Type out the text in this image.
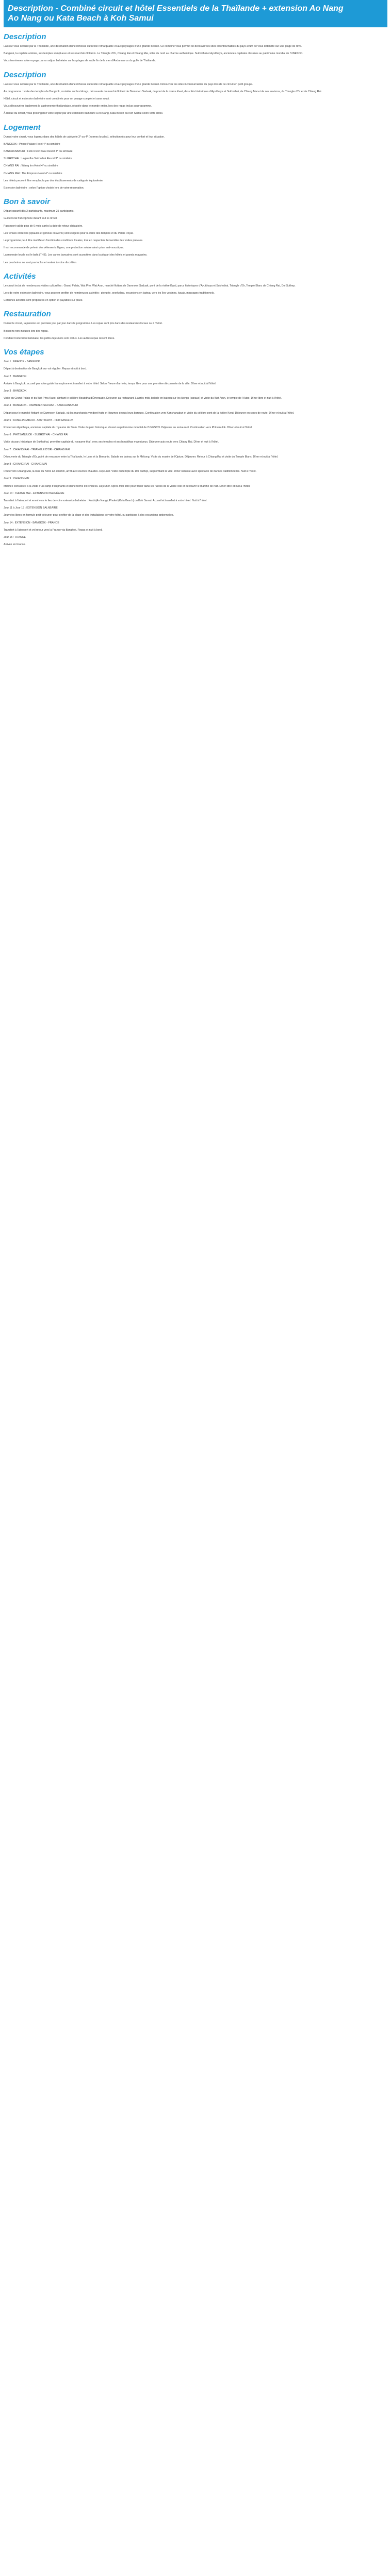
Description - Combiné circuit et hôtel Essentiels de la Thaïlande + extension Ao Nang
Ao Nang ou Kata Beach à Koh Samui
Description

Laissez-vous séduire par la Thaïlande, une destination d'une richesse culturelle remarquable et aux paysages d'une grande beauté. Ce combiné vous permet de découvrir les sites incontournables du pays avant de vous détendre sur une plage de rêve.

Bangkok, la capitale animée, ses temples somptueux et ses marchés flottants. Le Triangle d'Or, Chiang Rai et Chiang Mai, villes du nord au charme authentique. Sukhothai et Ayutthaya, anciennes capitales classées au patrimoine mondial de l'UNESCO.

Vous terminerez votre voyage par un séjour balnéaire sur les plages de sable fin de la mer d'Andaman ou du golfe de Thaïlande.

Description

Laissez-vous séduire par la Thaïlande, une destination d'une richesse culturelle remarquable et aux paysages d'une grande beauté. Découvrez les sites incontournables du pays lors de ce circuit en petit groupe.

Au programme : visite des temples de Bangkok, croisière sur les klongs, découverte du marché flottant de Damnoen Saduak, du pont de la rivière Kwaï, des cités historiques d'Ayutthaya et Sukhothai, de Chiang Mai et de ses environs, du Triangle d'Or et de Chiang Rai.

Hôtel, circuit et extension balnéaire sont combinés pour un voyage complet et sans souci.

Vous découvrirez également la gastronomie thaïlandaise, réputée dans le monde entier, lors des repas inclus au programme.

À l'issue du circuit, vous prolongerez votre séjour par une extension balnéaire à Ao Nang, Kata Beach ou Koh Samui selon votre choix.

Logement

Durant votre circuit, vous logerez dans des hôtels de catégorie 3* ou 4* (normes locales), sélectionnés pour leur confort et leur situation.

BANGKOK : Prince Palace Hotel 4* ou similaire

KANCHANABURI : Felix River Kwai Resort 4* ou similaire

SUKHOTHAI : Legendha Sukhothai Resort 3* ou similaire

CHIANG RAI : Wiang Inn Hotel 4* ou similaire

CHIANG MAI : The Empress Hotel 4* ou similaire

Les hôtels peuvent être remplacés par des établissements de catégorie équivalente.

Extension balnéaire : selon l'option choisie lors de votre réservation.

Bon à savoir

Départ garanti dès 2 participants, maximum 25 participants.

Guide local francophone durant tout le circuit.

Passeport valide plus de 6 mois après la date de retour obligatoire.

Les tenues correctes (épaules et genoux couverts) sont exigées pour la visite des temples et du Palais Royal.

Le programme peut être modifié en fonction des conditions locales, tout en respectant l'ensemble des visites prévues.

Il est recommandé de prévoir des vêtements légers, une protection solaire ainsi qu'un anti-moustique.

La monnaie locale est le baht (THB). Les cartes bancaires sont acceptées dans la plupart des hôtels et grands magasins.

Les pourboires ne sont pas inclus et restent à votre discrétion.

Activités

Le circuit inclut de nombreuses visites culturelles : Grand Palais, Wat Pho, Wat Arun, marché flottant de Damnoen Saduak, pont de la rivière Kwaï, parcs historiques d'Ayutthaya et Sukhothai, Triangle d'Or, Temple Blanc de Chiang Rai, Doi Suthep.

Lors de votre extension balnéaire, vous pourrez profiter de nombreuses activités : plongée, snorkeling, excursions en bateau vers les îles voisines, kayak, massages traditionnels.

Certaines activités sont proposées en option et payables sur place.

Restauration

Durant le circuit, la pension est précisée jour par jour dans le programme. Les repas sont pris dans des restaurants locaux ou à l'hôtel.

Boissons non incluses lors des repas.

Pendant l'extension balnéaire, les petits-déjeuners sont inclus. Les autres repas restent libres.

Vos étapes

Jour 1 : FRANCE - BANGKOK

Départ à destination de Bangkok sur vol régulier. Repas et nuit à bord.

Jour 2 : BANGKOK

Arrivée à Bangkok, accueil par votre guide francophone et transfert à votre hôtel. Selon l'heure d'arrivée, temps libre pour une première découverte de la ville. Dîner et nuit à l'hôtel.

Jour 3 : BANGKOK

Visite du Grand Palais et du Wat Phra Kaeo, abritant le célèbre Bouddha d'Émeraude. Déjeuner au restaurant. L'après-midi, balade en bateau sur les klongs (canaux) et visite du Wat Arun, le temple de l'Aube. Dîner libre et nuit à l'hôtel.

Jour 4 : BANGKOK - DAMNOEN SADUAK - KANCHANABURI

Départ pour le marché flottant de Damnoen Saduak, où les marchands vendent fruits et légumes depuis leurs barques. Continuation vers Kanchanaburi et visite du célèbre pont de la rivière Kwaï. Déjeuner en cours de route. Dîner et nuit à l'hôtel.

Jour 5 : KANCHANABURI - AYUTTHAYA - PHITSANULOK

Route vers Ayutthaya, ancienne capitale du royaume de Siam. Visite du parc historique, classé au patrimoine mondial de l'UNESCO. Déjeuner au restaurant. Continuation vers Phitsanulok. Dîner et nuit à l'hôtel.

Jour 6 : PHITSANULOK - SUKHOTHAI - CHIANG RAI

Visite du parc historique de Sukhothai, première capitale du royaume thaï, avec ses temples et ses bouddhas majestueux. Déjeuner puis route vers Chiang Rai. Dîner et nuit à l'hôtel.

Jour 7 : CHIANG RAI - TRIANGLE D'OR - CHIANG RAI

Découverte du Triangle d'Or, point de rencontre entre la Thaïlande, le Laos et la Birmanie. Balade en bateau sur le Mékong. Visite du musée de l'Opium. Déjeuner. Retour à Chiang Rai et visite du Temple Blanc. Dîner et nuit à l'hôtel.

Jour 8 : CHIANG RAI - CHIANG MAI

Route vers Chiang Mai, la rose du Nord. En chemin, arrêt aux sources chaudes. Déjeuner. Visite du temple du Doi Suthep, surplombant la ville. Dîner kantoke avec spectacle de danses traditionnelles. Nuit à l'hôtel.

Jour 9 : CHIANG MAI

Matinée consacrée à la visite d'un camp d'éléphants et d'une ferme d'orchidées. Déjeuner. Après-midi libre pour flâner dans les ruelles de la vieille ville et découvrir le marché de nuit. Dîner libre et nuit à l'hôtel.

Jour 10 : CHIANG MAI - EXTENSION BALNÉAIRE

Transfert à l'aéroport et envol vers le lieu de votre extension balnéaire : Krabi (Ao Nang), Phuket (Kata Beach) ou Koh Samui. Accueil et transfert à votre hôtel. Nuit à l'hôtel.

Jour 11 à Jour 13 : EXTENSION BALNÉAIRE

Journées libres en formule petit-déjeuner pour profiter de la plage et des installations de votre hôtel, ou participer à des excursions optionnelles.

Jour 14 : EXTENSION - BANGKOK - FRANCE

Transfert à l'aéroport et vol retour vers la France via Bangkok. Repas et nuit à bord.

Jour 15 : FRANCE

Arrivée en France.
